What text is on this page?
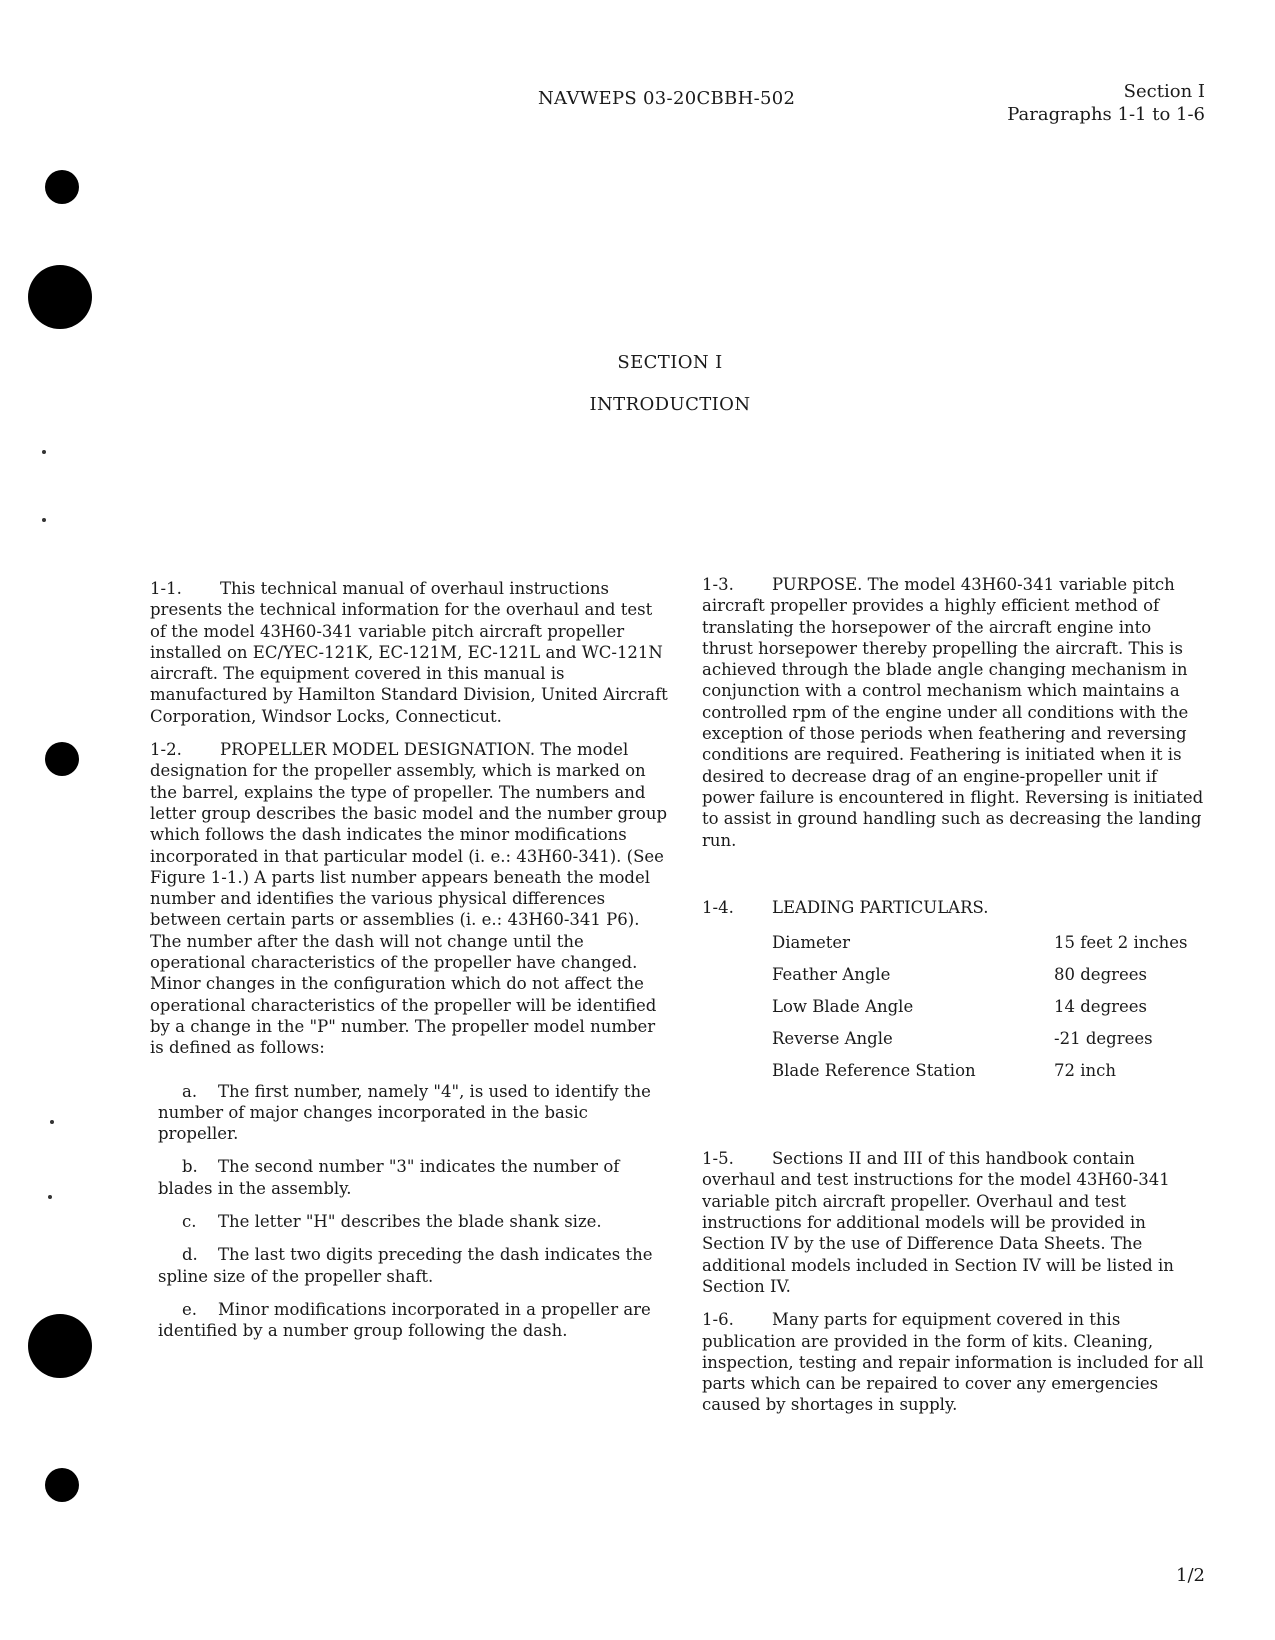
NAVWEPS 03-20CBBH-502	Section I
Paragraphs 1-1 to 1-6
SECTION I
INTRODUCTION

1-1. This technical manual of overhaul instructions presents the technical information for the overhaul and test of the model 43H60-341 variable pitch aircraft propeller installed on EC/YEC-121K, EC-121M, EC-121L and WC-121N aircraft. The equipment covered in this manual is manufactured by Hamilton Standard Division, United Aircraft Corporation, Windsor Locks, Connecticut.

1-2. PROPELLER MODEL DESIGNATION. The model designation for the propeller assembly, which is marked on the barrel, explains the type of propeller. The numbers and letter group describes the basic model and the number group which follows the dash indicates the minor modifications incorporated in that particular model (i. e.: 43H60-341). (See Figure 1-1.) A parts list number appears beneath the model number and identifies the various physical differences between certain parts or assemblies (i. e.: 43H60-341 P6). The number after the dash will not change until the operational characteristics of the propeller have changed. Minor changes in the configuration which do not affect the operational characteristics of the propeller will be identified by a change in the "P" number. The propeller model number is defined as follows:

a. The first number, namely "4", is used to identify the number of major changes incorporated in the basic propeller.

b. The second number "3" indicates the number of blades in the assembly.

c. The letter "H" describes the blade shank size.

d. The last two digits preceding the dash indicates the spline size of the propeller shaft.

e. Minor modifications incorporated in a propeller are identified by a number group following the dash.

1-3. PURPOSE. The model 43H60-341 variable pitch aircraft propeller provides a highly efficient method of translating the horsepower of the aircraft engine into thrust horsepower thereby propelling the aircraft. This is achieved through the blade angle changing mechanism in conjunction with a control mechanism which maintains a controlled rpm of the engine under all conditions with the exception of those periods when feathering and reversing conditions are required. Feathering is initiated when it is desired to decrease drag of an engine-propeller unit if power failure is encountered in flight. Reversing is initiated to assist in ground handling such as decreasing the landing run.

1-4. LEADING PARTICULARS.

Diameter	15 feet 2 inches
Feather Angle	80 degrees
Low Blade Angle	14 degrees
Reverse Angle	-21 degrees
Blade Reference Station	72 inch

1-5. Sections II and III of this handbook contain overhaul and test instructions for the model 43H60-341 variable pitch aircraft propeller. Overhaul and test instructions for additional models will be provided in Section IV by the use of Difference Data Sheets. The additional models included in Section IV will be listed in Section IV.

1-6. Many parts for equipment covered in this publication are provided in the form of kits. Cleaning, inspection, testing and repair information is included for all parts which can be repaired to cover any emergencies caused by shortages in supply.

1/2
